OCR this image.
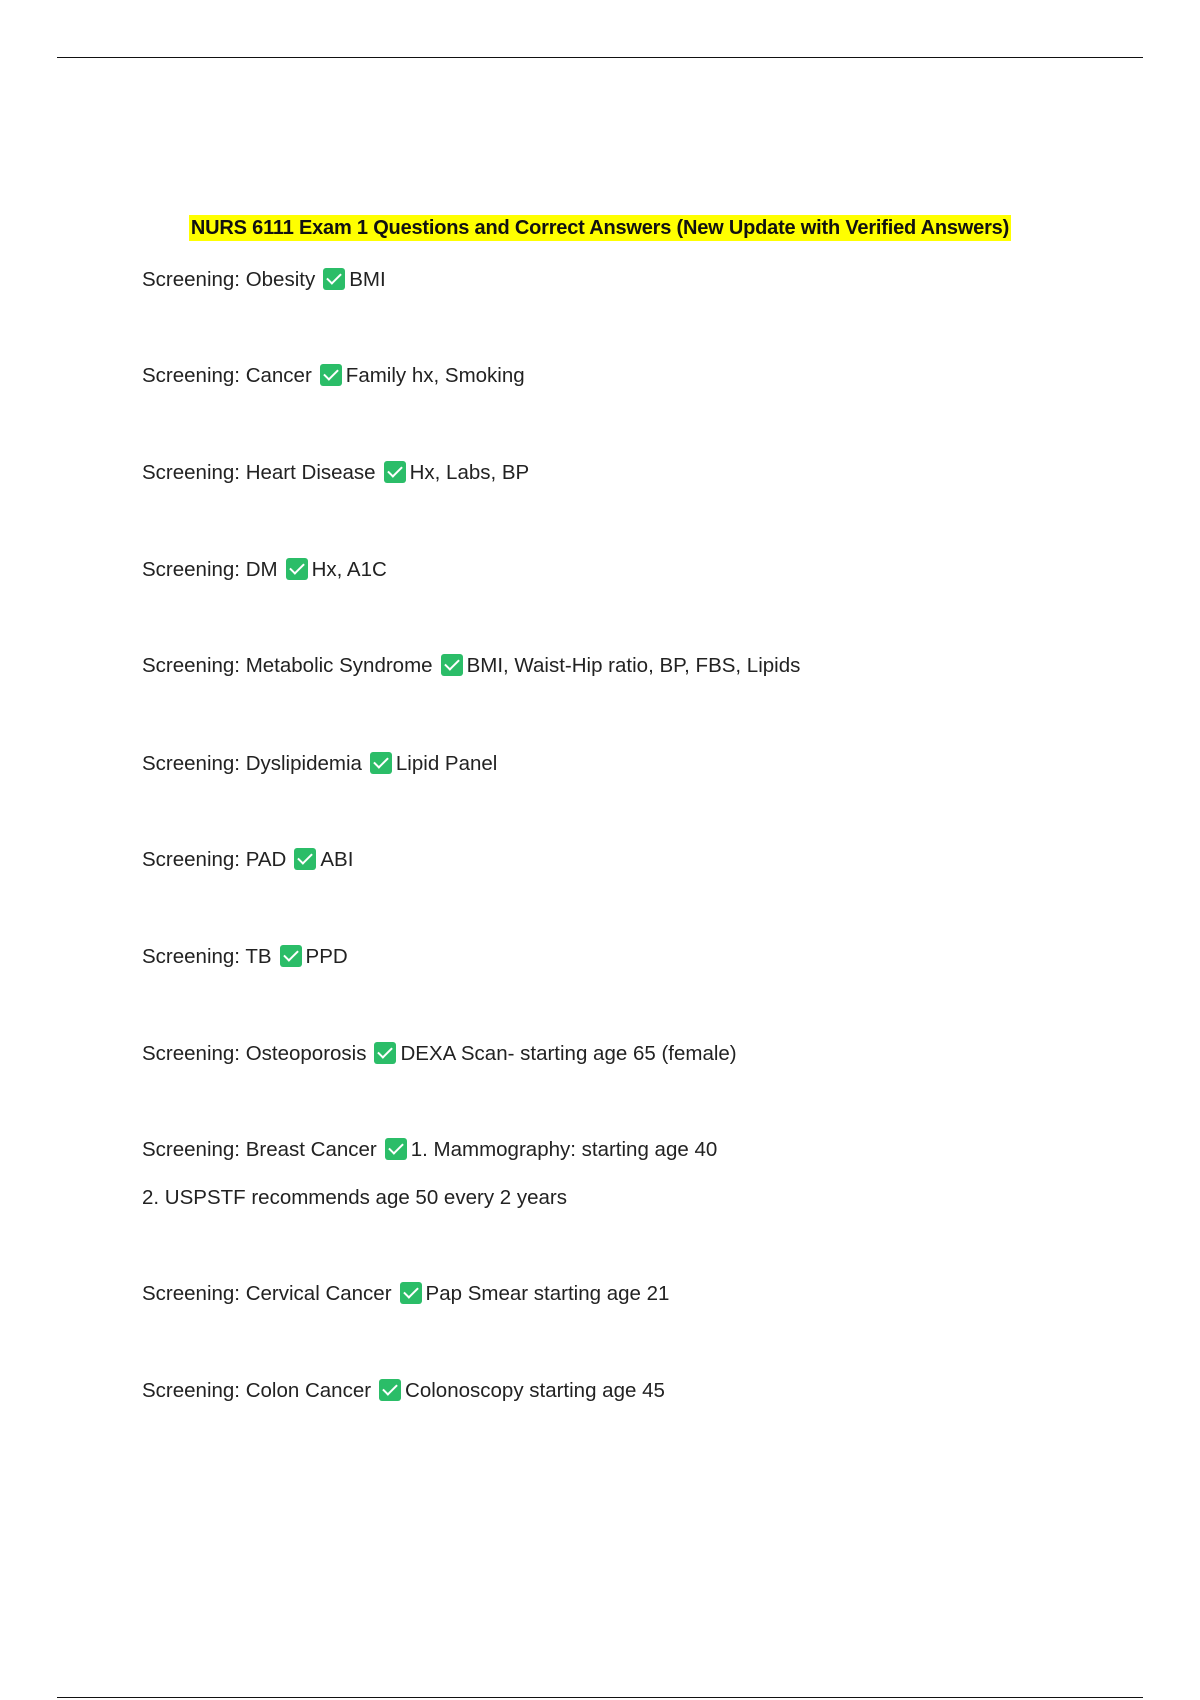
NURS 6111 Exam 1 Questions and Correct Answers (New Update with Verified Answers)
Screening: Obesity BMI
Screening: Cancer Family hx, Smoking
Screening: Heart Disease Hx, Labs, BP
Screening: DM Hx, A1C
Screening: Metabolic Syndrome BMI, Waist-Hip ratio, BP, FBS, Lipids
Screening: Dyslipidemia Lipid Panel
Screening: PAD ABI
Screening: TB PPD
Screening: Osteoporosis DEXA Scan- starting age 65 (female)
Screening: Breast Cancer 1. Mammography: starting age 40
2. USPSTF recommends age 50 every 2 years
Screening: Cervical Cancer Pap Smear starting age 21
Screening: Colon Cancer Colonoscopy starting age 45
